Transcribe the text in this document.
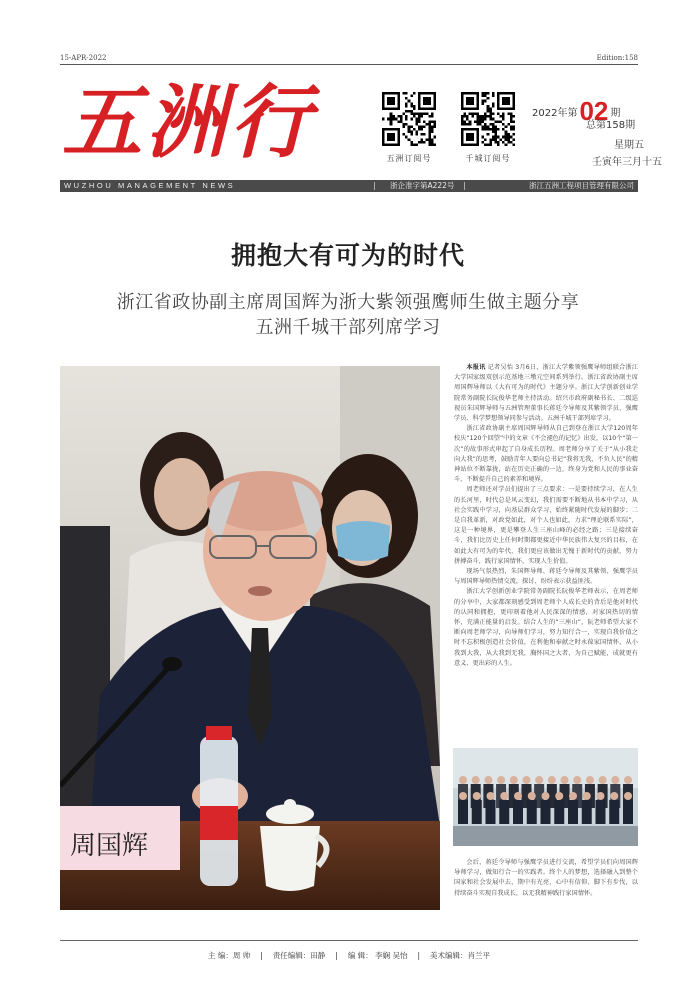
15-APR-2022	Edition:158
五洲行	五洲订阅号	千城订阅号
2022年第02 期
总第158期
星期五
壬寅年三月十五
WUZHOU MANAGEMENT NEWS	浙企准字第A222号	浙江五洲工程项目管理有限公司
拥抱大有可为的时代
浙江省政协副主席周国辉为浙大紫领强鹰师生做主题分享
五洲千城干部列席学习
周国辉

本报讯 记者吴怡 3月6日，浙江大学紫领强鹰导师组联合浙江大学国家级双创示范基地三墩元空间系列举行。浙江省政协副主席周国辉导师以《大有可为的时代》主题分享。浙江大学创新创业学院常务副院长阮俊华老师主持活动。绍兴市政府副秘书长、二级巡视员朱国辉导师与五洲管理董事长蒋廷令导师及其紫领学员、强鹰学员、科学梦想领导同参与活动。五洲千城干部列席学习。

浙江省政协副主席周国辉导师从自己到登在浙江大学120周年校庆“120个回望”中的文章《不会褪色的记忆》出发，以10个“第一次”的故事形式串起了自身成长历程。周老师分享了关于“从小我走向大我”的思考，鼓励青年人要向总书记“我将无我，不负人民”的精神站位不断靠拢，站在历史正确的一边，终身为党和人民的事业奋斗，不断提升自己的素养和境界。

周老师还对学员们提出了三点要求：一是要持续学习，在人生的长河里，时代总是风云变幻，我们需要不断地从书本中学习，从社会实践中学习，向基层群众学习，始终紧随时代发展的脚步；二是自我革新，对政党如此，对个人也如此，力求“理论联系实际”，这是一种境界，更是攀登人生三座山峰的必经之路；三是接续奋斗，我们比历史上任何时期都更接近中华民族伟大复兴的目标，在如此大有可为的年代，我们更应该做出无愧于新时代的贡献，努力拼搏奋斗，践行家国情怀，实现人生价值。

现场气氛热烈，朱国辉导师、蒋廷令导师及其紫领、强鹰学员与周国辉导师热情交流，探讨、纷纷表示获益匪浅。

浙江大学创新创业学院常务副院长阮俊华老师表示，在周老师的分享中，大家都深刻感受到周老师个人成长史的背后是他对时代的认同和拥抱，更印刻着他对人民深深的情感，对家国热切的情怀，充满正能量的启发。结合人生的“三座山”，阮老师希望大家不断向周老师学习，向导师们学习，努力知行合一，实现自我价值之时不忘积极创造社会价值，在利他和奉献之时永葆家国情怀，从小我到大我，从大我到无我，胸怀国之大者，为自己赋能，成就更有意义、更出彩的人生。

会后，蒋廷令导师与强鹰学员进行交流，希望学员们向周国辉导师学习，做知行合一的实践者。终个人的梦想，选择融入到整个国家和社会发展中去，期中有光亮、心中有信仰、脚下有步伐，以持续奋斗实现自我成长，以无我精神践行家国情怀。

主 编：周 帅 | 责任编辑：田静 | 编 辑： 李娴 吴怡 | 美术编辑：肖兰平
